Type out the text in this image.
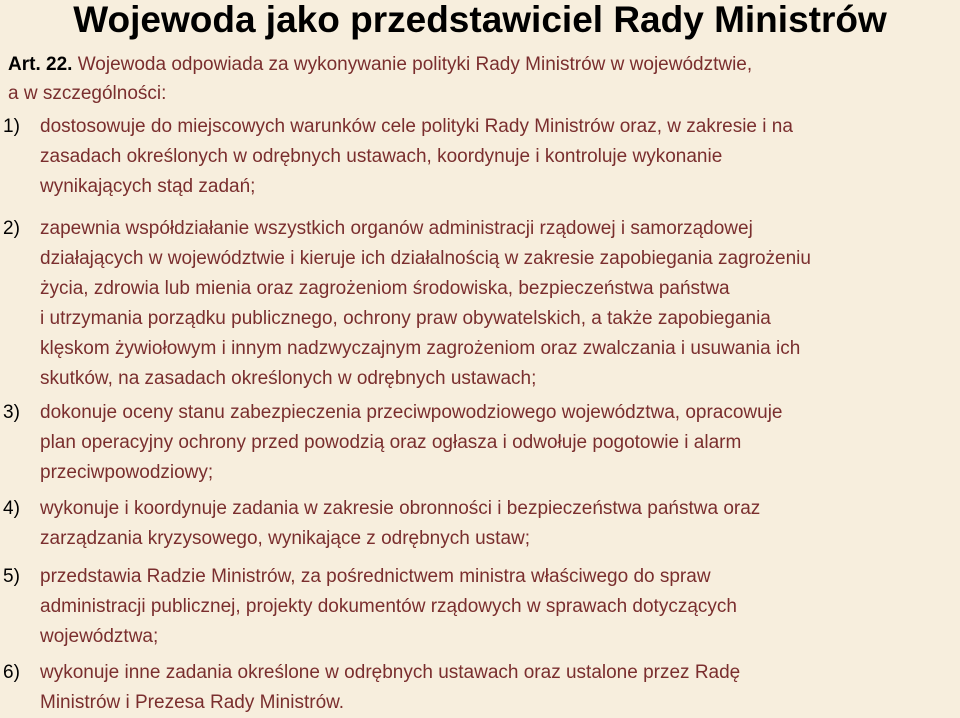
Wojewoda jako przedstawiciel Rady Ministrów
Art. 22. Wojewoda odpowiada za wykonywanie polityki Rady Ministrów w województwie,
a w szczególności:
1) dostosowuje do miejscowych warunków cele polityki Rady Ministrów oraz, w zakresie i na
zasadach określonych w odrębnych ustawach, koordynuje i kontroluje wykonanie
wynikających stąd zadań;
2) zapewnia współdziałanie wszystkich organów administracji rządowej i samorządowej
działających w województwie i kieruje ich działalnością w zakresie zapobiegania zagrożeniu
życia, zdrowia lub mienia oraz zagrożeniom środowiska, bezpieczeństwa państwa
i utrzymania porządku publicznego, ochrony praw obywatelskich, a także zapobiegania
klęskom żywiołowym i innym nadzwyczajnym zagrożeniom oraz zwalczania i usuwania ich
skutków, na zasadach określonych w odrębnych ustawach;
3) dokonuje oceny stanu zabezpieczenia przeciwpowodziowego województwa, opracowuje
plan operacyjny ochrony przed powodzią oraz ogłasza i odwołuje pogotowie i alarm
przeciwpowodziowy;
4) wykonuje i koordynuje zadania w zakresie obronności i bezpieczeństwa państwa oraz
zarządzania kryzysowego, wynikające z odrębnych ustaw;
5) przedstawia Radzie Ministrów, za pośrednictwem ministra właściwego do spraw
administracji publicznej, projekty dokumentów rządowych w sprawach dotyczących
województwa;
6) wykonuje inne zadania określone w odrębnych ustawach oraz ustalone przez Radę
Ministrów i Prezesa Rady Ministrów.
